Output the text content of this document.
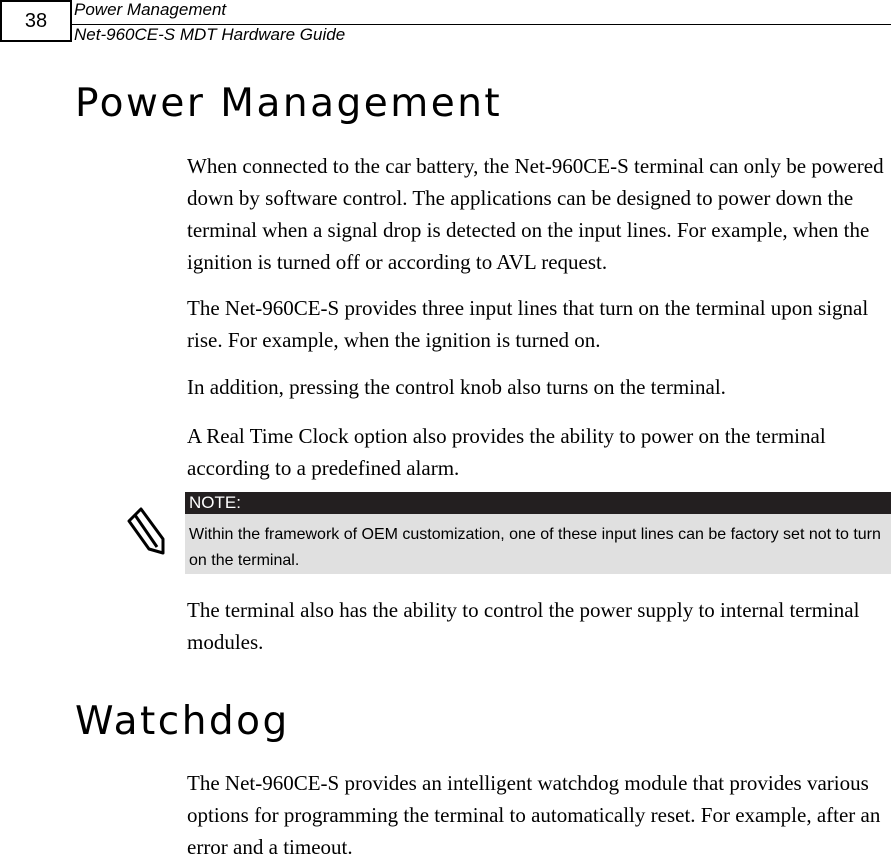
38	Power Management
Net-960CE-S MDT Hardware Guide
Power Management

When connected to the car battery, the Net-960CE-S terminal can only be powered down by software control. The applications can be designed to power down the terminal when a signal drop is detected on the input lines. For example, when the ignition is turned off or according to AVL request.

The Net-960CE-S provides three input lines that turn on the terminal upon signal rise. For example, when the ignition is turned on.

In addition, pressing the control knob also turns on the terminal.

A Real Time Clock option also provides the ability to power on the terminal according to a predefined alarm.

NOTE:
Within the framework of OEM customization, one of these input lines can be factory set not to turn on the terminal.

The terminal also has the ability to control the power supply to internal terminal modules.

Watchdog

The Net-960CE-S provides an intelligent watchdog module that provides various options for programming the terminal to automatically reset. For example, after an error and a timeout.
